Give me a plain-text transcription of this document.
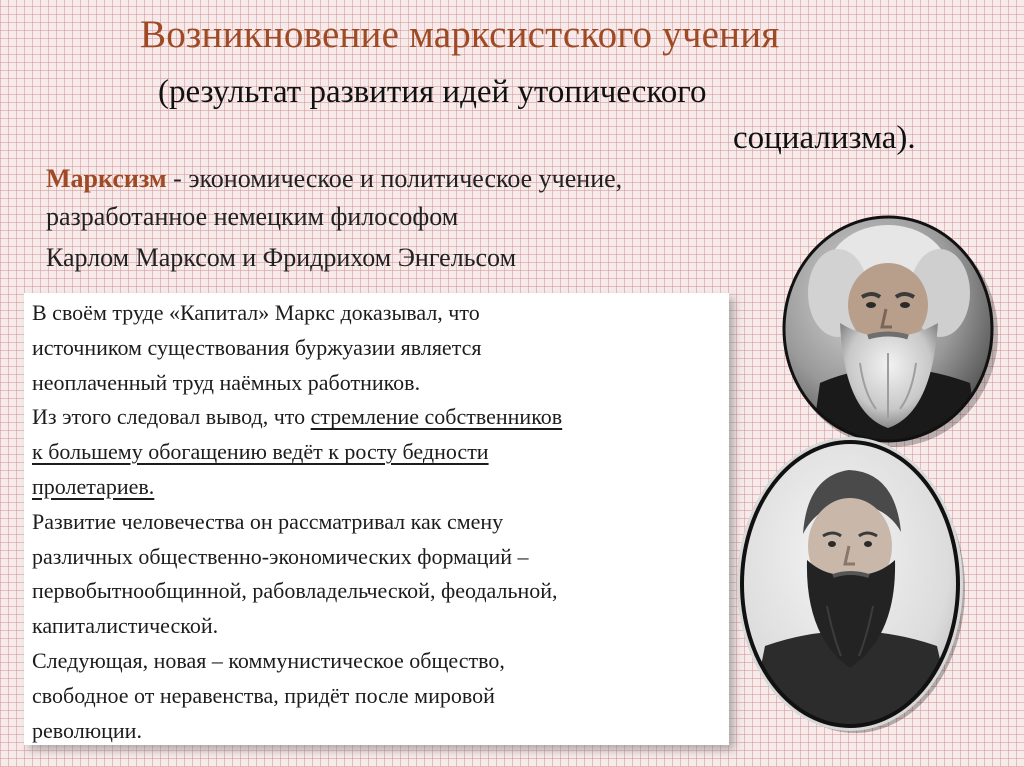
Возникновение марксистского учения
(результат развития идей утопического
социализма).
Марксизм - экономическое и политическое учение,
разработанное немецким философом
Карлом Марксом и Фридрихом Энгельсом
В своём труде «Капитал» Маркс доказывал, что
источником существования буржуазии является
неоплаченный труд наёмных работников.
Из этого следовал вывод, что стремление собственников
к большему обогащению ведёт к росту бедности
пролетариев.
Развитие человечества он рассматривал как смену
различных общественно-экономических формаций –
первобытнообщинной, рабовладельческой, феодальной,
капиталистической.
Следующая, новая – коммунистическое общество,
свободное от неравенства, придёт после мировой
революции.
